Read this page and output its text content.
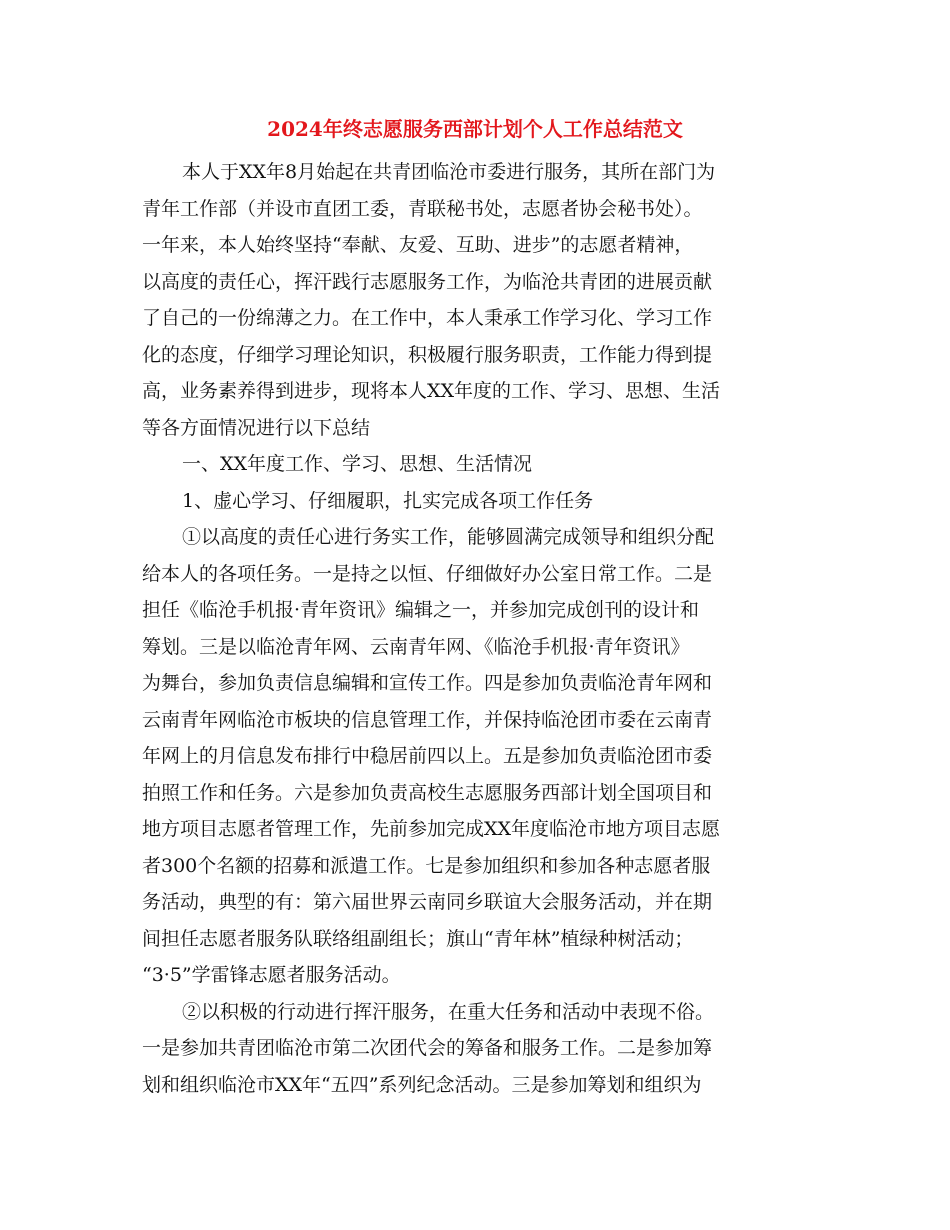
2024年终志愿服务西部计划个人工作总结范文
本人于XX年8月始起在共青团临沧市委进行服务，其所在部门为
青年工作部（并设市直团工委，青联秘书处，志愿者协会秘书处）。
一年来，本人始终坚持“奉献、友爱、互助、进步”的志愿者精神，
以高度的责任心，挥汗践行志愿服务工作，为临沧共青团的进展贡献
了自己的一份绵薄之力。在工作中，本人秉承工作学习化、学习工作
化的态度，仔细学习理论知识，积极履行服务职责，工作能力得到提
高，业务素养得到进步，现将本人XX年度的工作、学习、思想、生活
等各方面情况进行以下总结
一、XX年度工作、学习、思想、生活情况
1、虚心学习、仔细履职，扎实完成各项工作任务
①以高度的责任心进行务实工作，能够圆满完成领导和组织分配
给本人的各项任务。一是持之以恒、仔细做好办公室日常工作。二是
担任《临沧手机报·青年资讯》编辑之一，并参加完成创刊的设计和
筹划。三是以临沧青年网、云南青年网、《临沧手机报·青年资讯》
为舞台，参加负责信息编辑和宣传工作。四是参加负责临沧青年网和
云南青年网临沧市板块的信息管理工作，并保持临沧团市委在云南青
年网上的月信息发布排行中稳居前四以上。五是参加负责临沧团市委
拍照工作和任务。六是参加负责高校生志愿服务西部计划全国项目和
地方项目志愿者管理工作，先前参加完成XX年度临沧市地方项目志愿
者300个名额的招募和派遣工作。七是参加组织和参加各种志愿者服
务活动，典型的有：第六届世界云南同乡联谊大会服务活动，并在期
间担任志愿者服务队联络组副组长；旗山“青年林”植绿种树活动；
“3·5”学雷锋志愿者服务活动。
②以积极的行动进行挥汗服务，在重大任务和活动中表现不俗。
一是参加共青团临沧市第二次团代会的筹备和服务工作。二是参加筹
划和组织临沧市XX年“五四”系列纪念活动。三是参加筹划和组织为
